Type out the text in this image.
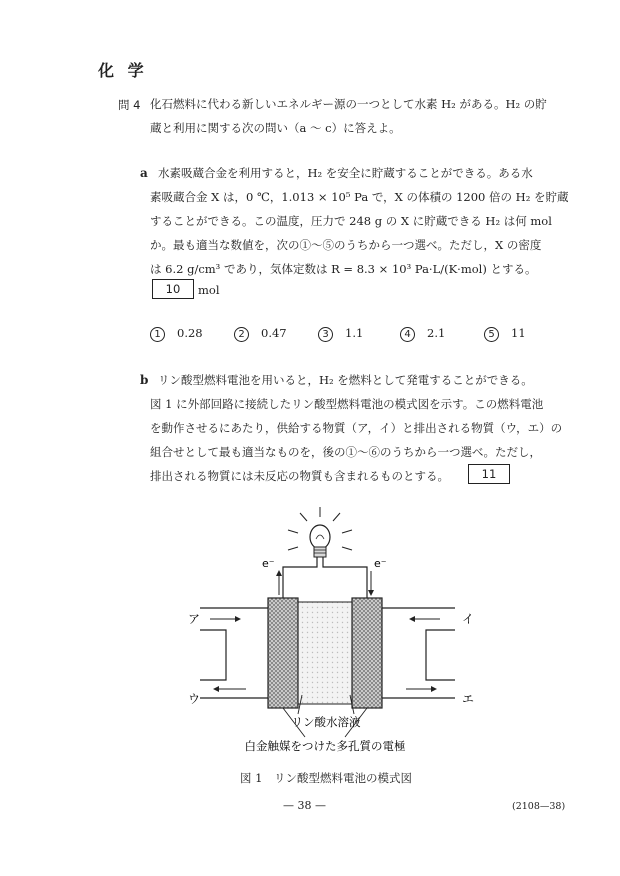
化 学
問 4 化石燃料に代わる新しいエネルギー源の一つとして水素 H₂ がある。H₂ の貯
蔵と利用に関する次の問い（a ～ c）に答えよ。
a 水素吸蔵合金を利用すると，H₂ を安全に貯蔵することができる。ある水
素吸蔵合金 X は，0 ℃，1.013 × 10⁵ Pa で，X の体積の 1200 倍の H₂ を貯蔵
することができる。この温度，圧力で 248 g の X に貯蔵できる H₂ は何 mol
か。最も適当な数値を，次の①～⑤のうちから一つ選べ。ただし，X の密度
は 6.2 g/cm³ であり，気体定数は R = 8.3 × 10³ Pa·L/(K·mol) とする。
10	mol
1 0.28	2 0.47	3 1.1	4 2.1	5 11
b リン酸型燃料電池を用いると，H₂ を燃料として発電することができる。
図 1 に外部回路に接続したリン酸型燃料電池の模式図を示す。この燃料電池
を動作させるにあたり，供給する物質（ア，イ）と排出される物質（ウ，エ）の
組合せとして最も適当なものを，後の①～⑥のうちから一つ選べ。ただし，
排出される物質には未反応の物質も含まれるものとする。	11
e⁻	e⁻
ア
ウ
イ
エ
リン酸水溶液
白金触媒をつけた多孔質の電極
図 1　リン酸型燃料電池の模式図
— 38 —	(2108—38)
